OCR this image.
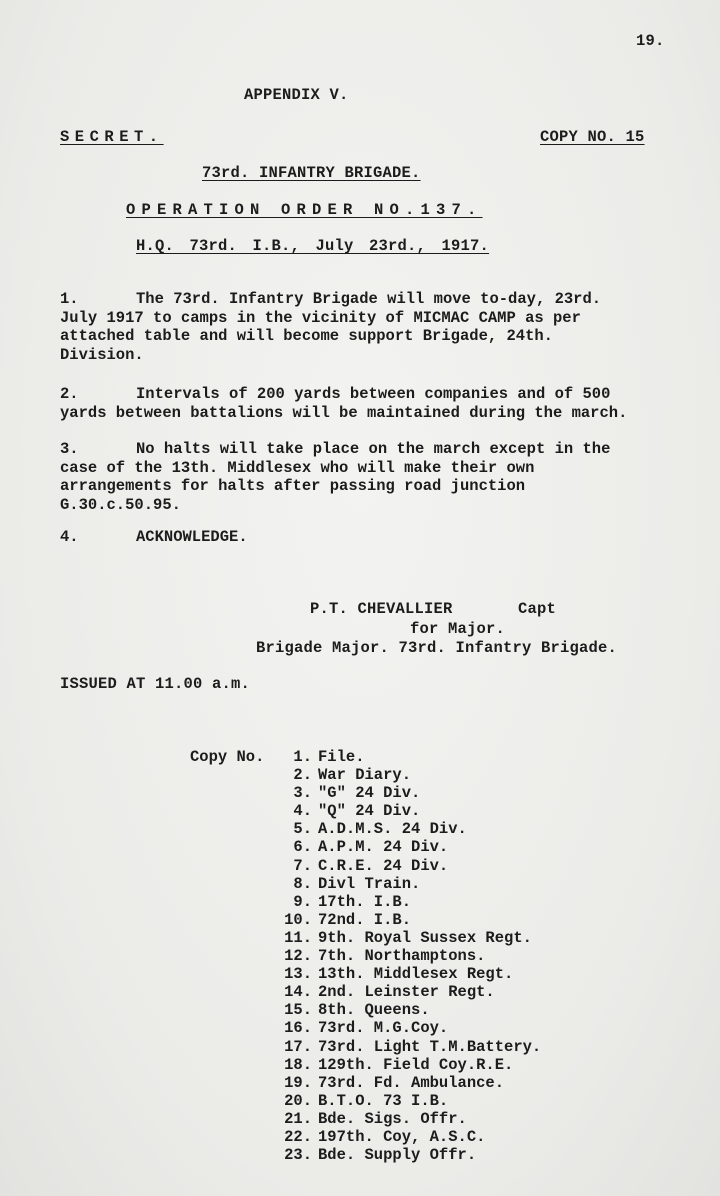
19.
APPENDIX V.
SECRET.	COPY NO. 15
73rd. INFANTRY BRIGADE.
OPERATION ORDER NO.137.
H.Q. 73rd. I.B., July 23rd., 1917.
1.	The 73rd. Infantry Brigade will move to-day, 23rd.
July 1917 to camps in the vicinity of MICMAC CAMP as per
attached table and will become support Brigade, 24th.
Division.
2.	Intervals of 200 yards between companies and of 500
yards between battalions will be maintained during the march.
3.	No halts will take place on the march except in the
case of the 13th. Middlesex who will make their own
arrangements for halts after passing road junction
G.30.c.50.95.
4.	ACKNOWLEDGE.
P.T. CHEVALLIER	Capt
for Major.
Brigade Major. 73rd. Infantry Brigade.
ISSUED AT 11.00 a.m.
Copy No.	1. File.
2. War Diary.
3. "G" 24 Div.
4. "Q" 24 Div.
5. A.D.M.S. 24 Div.
6. A.P.M. 24 Div.
7. C.R.E. 24 Div.
8. Divl Train.
9. 17th. I.B.
10. 72nd. I.B.
11. 9th. Royal Sussex Regt.
12. 7th. Northamptons.
13. 13th. Middlesex Regt.
14. 2nd. Leinster Regt.
15. 8th. Queens.
16. 73rd. M.G.Coy.
17. 73rd. Light T.M.Battery.
18. 129th. Field Coy.R.E.
19. 73rd. Fd. Ambulance.
20. B.T.O. 73 I.B.
21. Bde. Sigs. Offr.
22. 197th. Coy, A.S.C.
23. Bde. Supply Offr.
